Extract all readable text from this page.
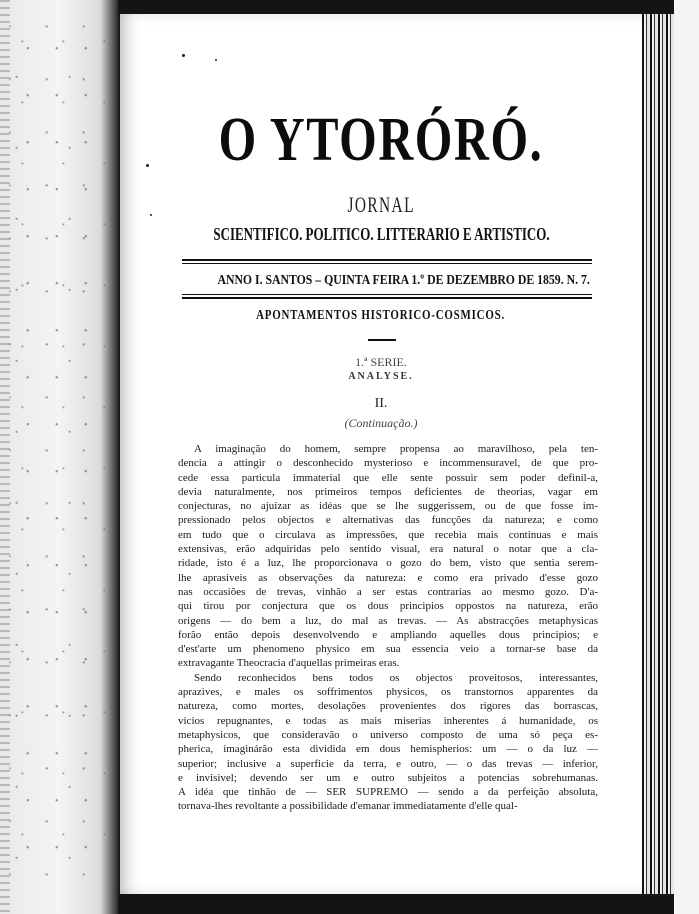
O YTORÓRÓ.
JORNAL
SCIENTIFICO. POLITICO. LITTERARIO E ARTISTICO.
ANNO I. SANTOS – QUINTA FEIRA 1.º DE DEZEMBRO DE 1859. N. 7.
APONTAMENTOS HISTORICO-COSMICOS.
1.ª SERIE.
ANALYSE.
II.
(Continuação.)
A imaginação do homem, sempre propensa ao maravilhoso, pela ten-
dencia a attingir o desconhecido mysterioso e incommensuravel, de que pro-
cede essa particula immaterial que elle sente possuir sem poder definil-a,
devia naturalmente, nos primeiros tempos deficientes de theorias, vagar em
conjecturas, no ajuizar as idéas que se lhe suggerissem, ou de que fosse im-
pressionado pelos objectos e alternativas das funcções da natureza; e como
em tudo que o circulava as impressões, que recebia mais continuas e mais
extensivas, erão adquiridas pelo sentido visual, era natural o notar que a cla-
ridade, isto é a luz, lhe proporcionava o gozo do bem, visto que sentia serem-
lhe aprasiveis as observações da natureza: e como era privado d'esse gozo
nas occasiões de trevas, vinhão a ser estas contrarias ao mesmo gozo. D'a-
qui tirou por conjectura que os dous principios oppostos na natureza, erão
origens — do bem a luz, do mal as trevas. — As abstracções metaphysicas
forão então depois desenvolvendo e ampliando aquelles dous principios; e
d'est'arte um phenomeno physico em sua essencia veio a tornar-se base da
extravagante Theocracia d'aquellas primeiras eras.
Sendo reconhecidos bens todos os objectos proveitosos, interessantes,
aprazives, e males os soffrimentos physicos, os transtornos apparentes da
natureza, como mortes, desolações provenientes dos rigores das borrascas,
vicios repugnantes, e todas as mais miserias inherentes á humanidade, os
metaphysicos, que consideravão o universo composto de uma só peça es-
pherica, imaginárão esta dividida em dous hemispherios: um — o da luz —
superior; inclusive a superficie da terra, e outro, — o das trevas — inferior,
e invisivel; devendo ser um e outro subjeitos a potencias sobrehumanas.
A idéa que tinhão de — SER SUPREMO — sendo a da perfeição absoluta,
tornava-lhes revoltante a possibilidade d'emanar immediatamente d'elle qual-
